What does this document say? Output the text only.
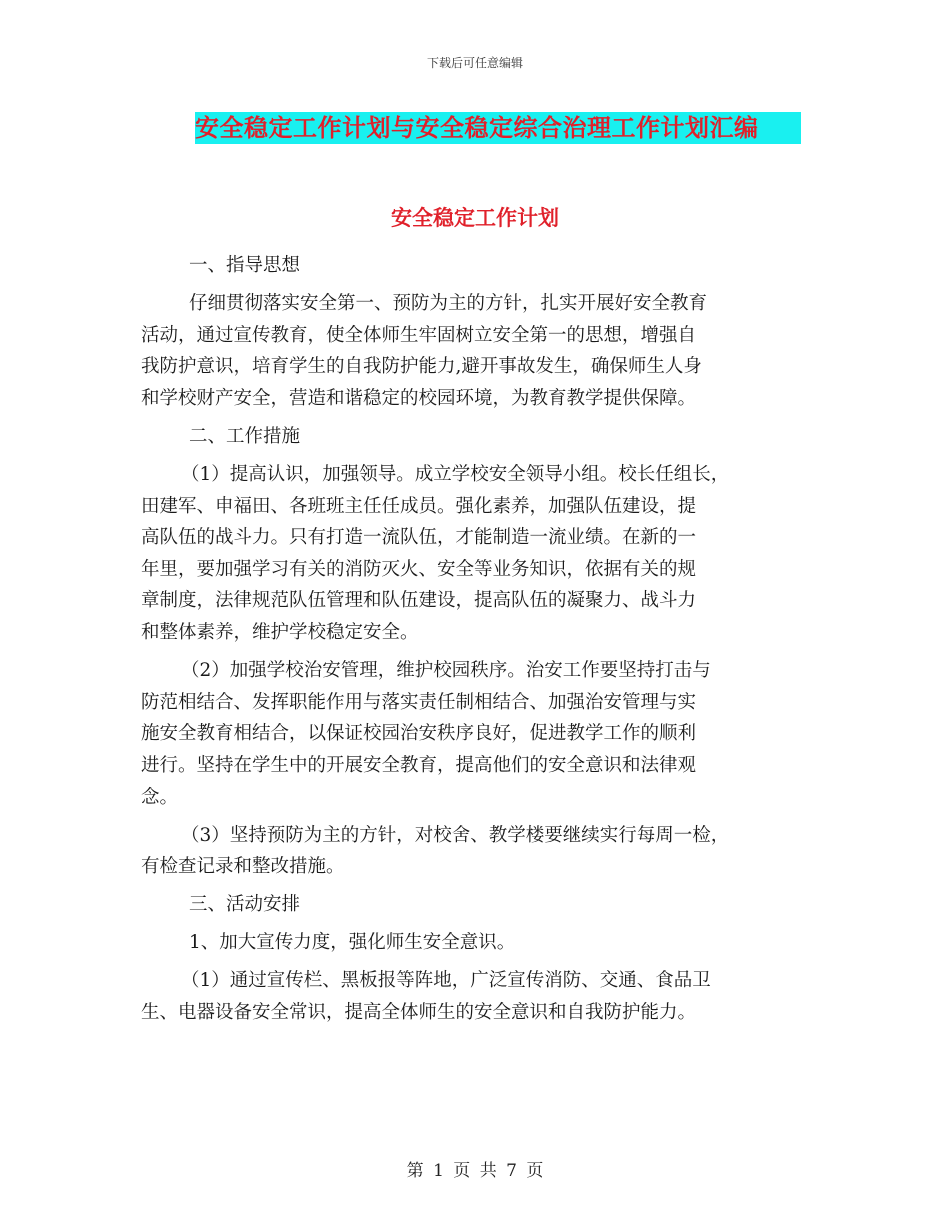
下载后可任意编辑
安全稳定工作计划与安全稳定综合治理工作计划汇编
安全稳定工作计划
一、指导思想
仔细贯彻落实安全第一、预防为主的方针，扎实开展好安全教育
活动，通过宣传教育，使全体师生牢固树立安全第一的思想，增强自
我防护意识，培育学生的自我防护能力,避开事故发生，确保师生人身
和学校财产安全，营造和谐稳定的校园环境，为教育教学提供保障。
二、工作措施
（1）提高认识，加强领导。成立学校安全领导小组。校长任组长，
田建军、申福田、各班班主任任成员。强化素养，加强队伍建设，提
高队伍的战斗力。只有打造一流队伍，才能制造一流业绩。在新的一
年里，要加强学习有关的消防灭火、安全等业务知识，依据有关的规
章制度，法律规范队伍管理和队伍建设，提高队伍的凝聚力、战斗力
和整体素养，维护学校稳定安全。
（2）加强学校治安管理，维护校园秩序。治安工作要坚持打击与
防范相结合、发挥职能作用与落实责任制相结合、加强治安管理与实
施安全教育相结合，以保证校园治安秩序良好，促进教学工作的顺利
进行。坚持在学生中的开展安全教育，提高他们的安全意识和法律观
念。
（3）坚持预防为主的方针，对校舍、教学楼要继续实行每周一检，
有检查记录和整改措施。
三、活动安排
1、加大宣传力度，强化师生安全意识。
（1）通过宣传栏、黑板报等阵地，广泛宣传消防、交通、食品卫
生、电器设备安全常识，提高全体师生的安全意识和自我防护能力。
第 1 页 共 7 页
